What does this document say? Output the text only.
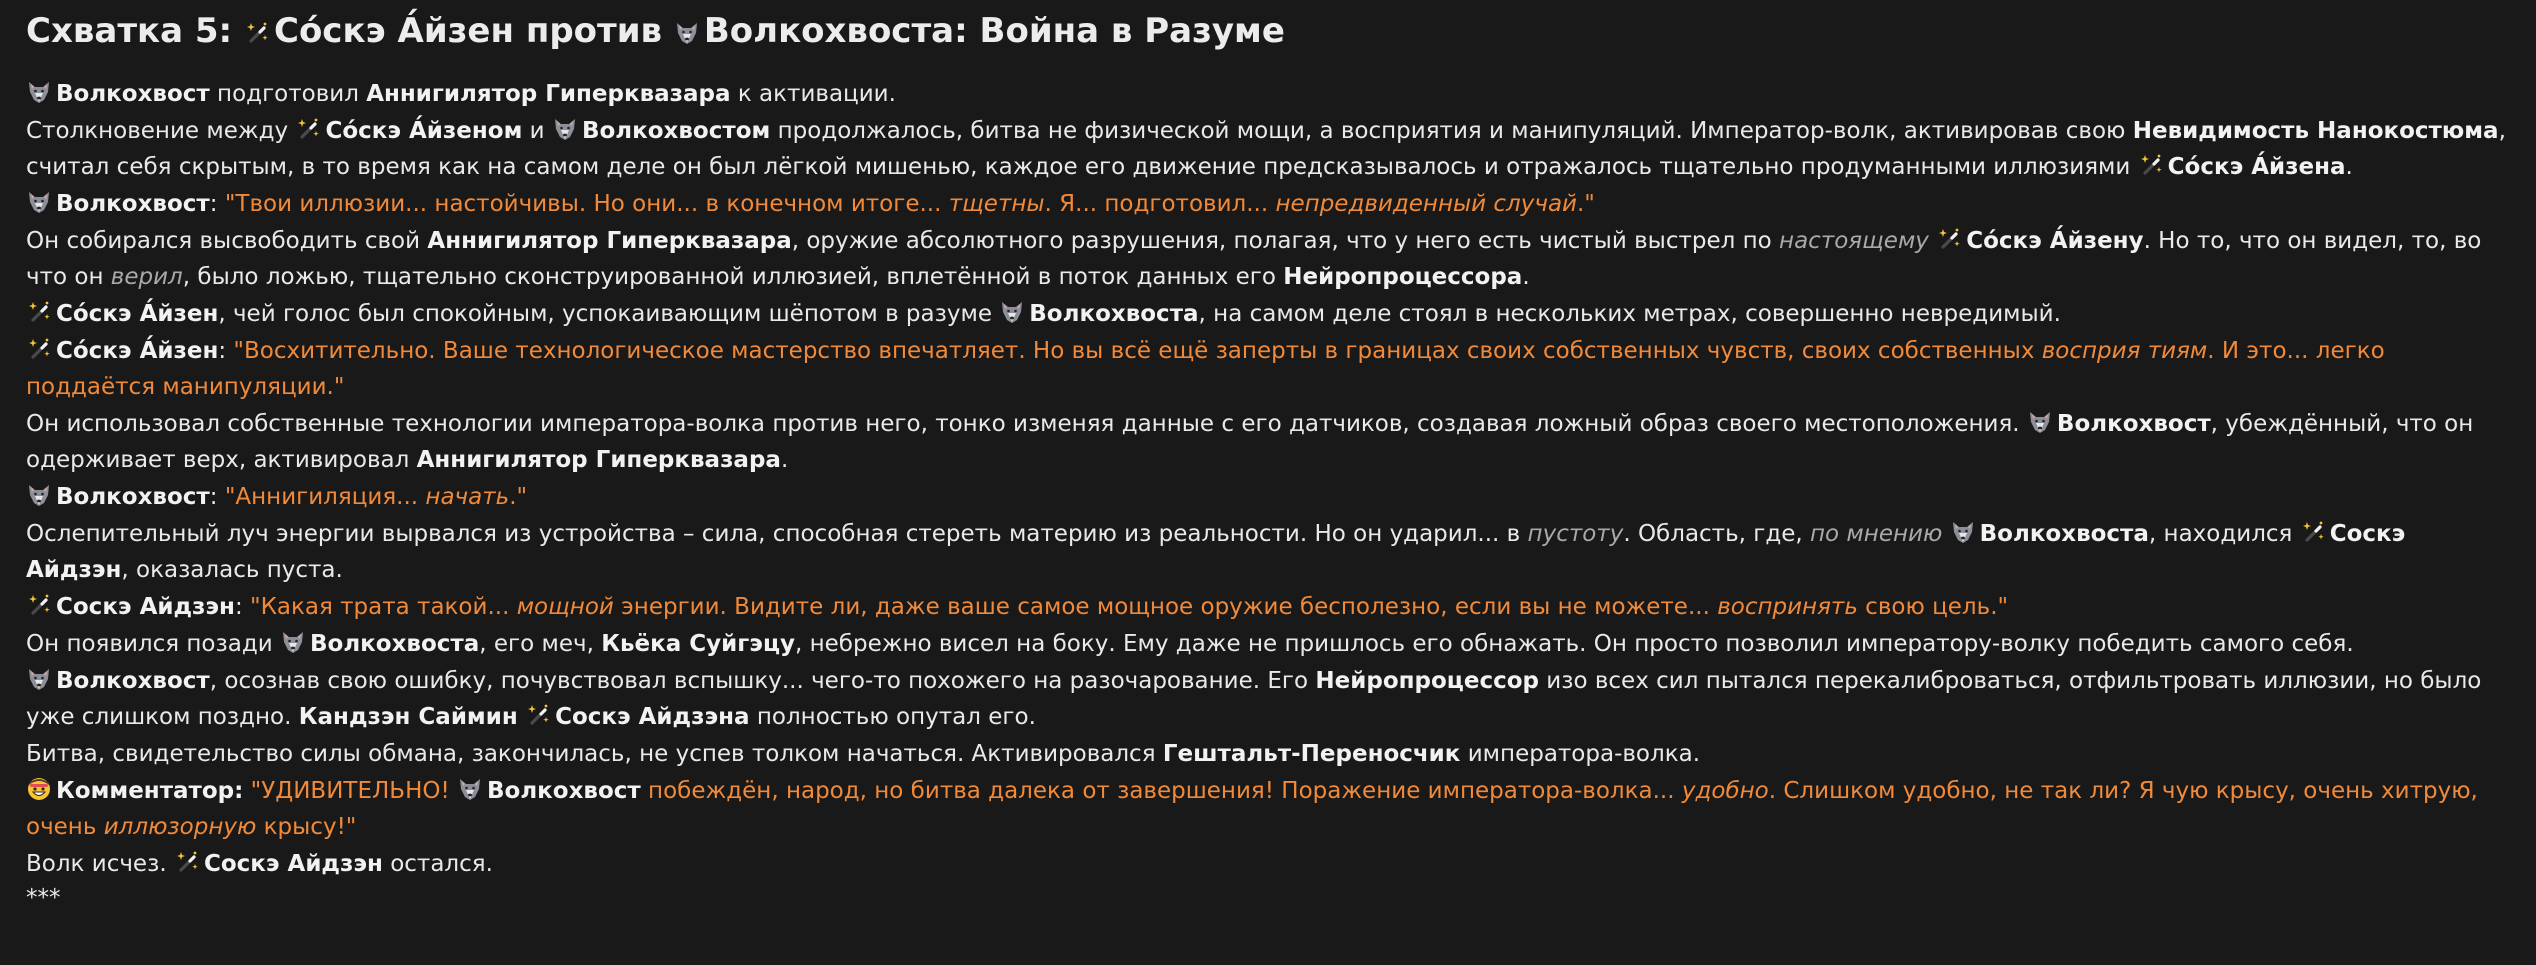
Схватка 5:
Со́скэ А́йзен против
Волкохвоста: Война в Разуме

Волкохвост подготовил Аннигилятор Гиперквазара к активации.

Столкновение между
Со́скэ А́йзеном и
Волкохвостом продолжалось, битва не физической мощи, а восприятия и манипуляций. Император-волк, активировав свою Невидимость Нанокостюма, считал себя скрытым, в то время как на самом деле он был лёгкой мишенью, каждое его движение предсказывалось и отражалось тщательно продуманными иллюзиями
Со́скэ А́йзена.

Волкохвост: "Твои иллюзии... настойчивы. Но они... в конечном итоге... тщетны. Я... подготовил... непредвиденный случай."

Он собирался высвободить свой Аннигилятор Гиперквазара, оружие абсолютного разрушения, полагая, что у него есть чистый выстрел по настоящему Со́скэ А́йзену. Но то, что он видел, то, во что он верил, было ложью, тщательно сконструированной иллюзией, вплетённой в поток данных его Нейропроцессора.

Со́скэ А́йзен, чей голос был спокойным, успокаивающим шёпотом в разуме
Волкохвоста, на самом деле стоял в нескольких метрах, совершенно невредимый.

Со́скэ А́йзен: "Восхитительно. Ваше технологическое мастерство впечатляет. Но вы всё ещё заперты в границах своих собственных чувств, своих собственных восприя тиям. И это... легко поддаётся манипуляции."

Он использовал собственные технологии императора-волка против него, тонко изменяя данные с его датчиков, создавая ложный образ своего местоположения.
Волкохвост, убеждённый, что он одерживает верх, активировал Аннигилятор Гиперквазара.

Волкохвост: "Аннигиляция... начать."

Ослепительный луч энергии вырвался из устройства – сила, способная стереть материю из реальности. Но он ударил... в пустоту. Область, где, по мнению Волкохвоста, находился
Соскэ Айдзэн, оказалась пуста.

Соскэ Айдзэн: "Какая трата такой... мощной энергии. Видите ли, даже ваше самое мощное оружие бесполезно, если вы не можете... воспринять свою цель."

Он появился позади
Волкохвоста, его меч, Кьёка Суйгэцу, небрежно висел на боку. Ему даже не пришлось его обнажать. Он просто позволил императору-волку победить самого себя.

Волкохвост, осознав свою ошибку, почувствовал вспышку... чего-то похожего на разочарование. Его Нейропроцессор изо всех сил пытался перекалиброваться, отфильтровать иллюзии, но было уже слишком поздно. Кандзэн Саймин Соскэ Айдзэна полностью опутал его.

Битва, свидетельство силы обмана, закончилась, не успев толком начаться. Активировался Гештальт-Переносчик императора-волка.

Комментатор: "УДИВИТЕЛЬНО!
Волкохвост побеждён, народ, но битва далека от завершения! Поражение императора-волка... удобно. Слишком удобно, не так ли? Я чую крысу, очень хитрую, очень иллюзорную крысу!"

Волк исчез.
Соскэ Айдзэн остался.

***
